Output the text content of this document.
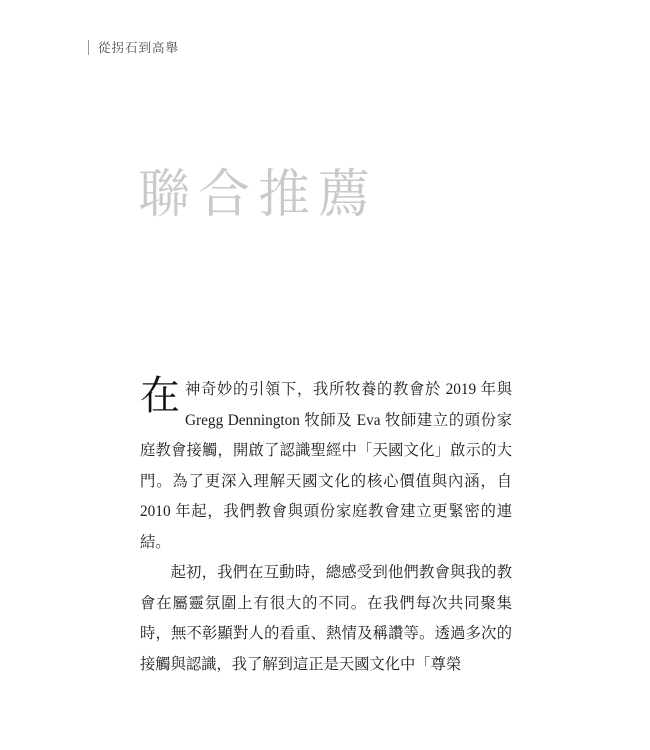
從拐石到高舉
聯合推薦

在神奇妙的引領下，我所牧養的教會於 2019 年與 Gregg Dennington 牧師及 Eva 牧師建立的頭份家庭教會接觸，開啟了認識聖經中「天國文化」啟示的大門。為了更深入理解天國文化的核心價值與內涵，自 2010 年起，我們教會與頭份家庭教會建立更緊密的連結。

起初，我們在互動時，總感受到他們教會與我的教會在屬靈氛圍上有很大的不同。在我們每次共同聚集時，無不彰顯對人的看重、熱情及稱讚等。透過多次的接觸與認識，我了解到這正是天國文化中「尊榮
